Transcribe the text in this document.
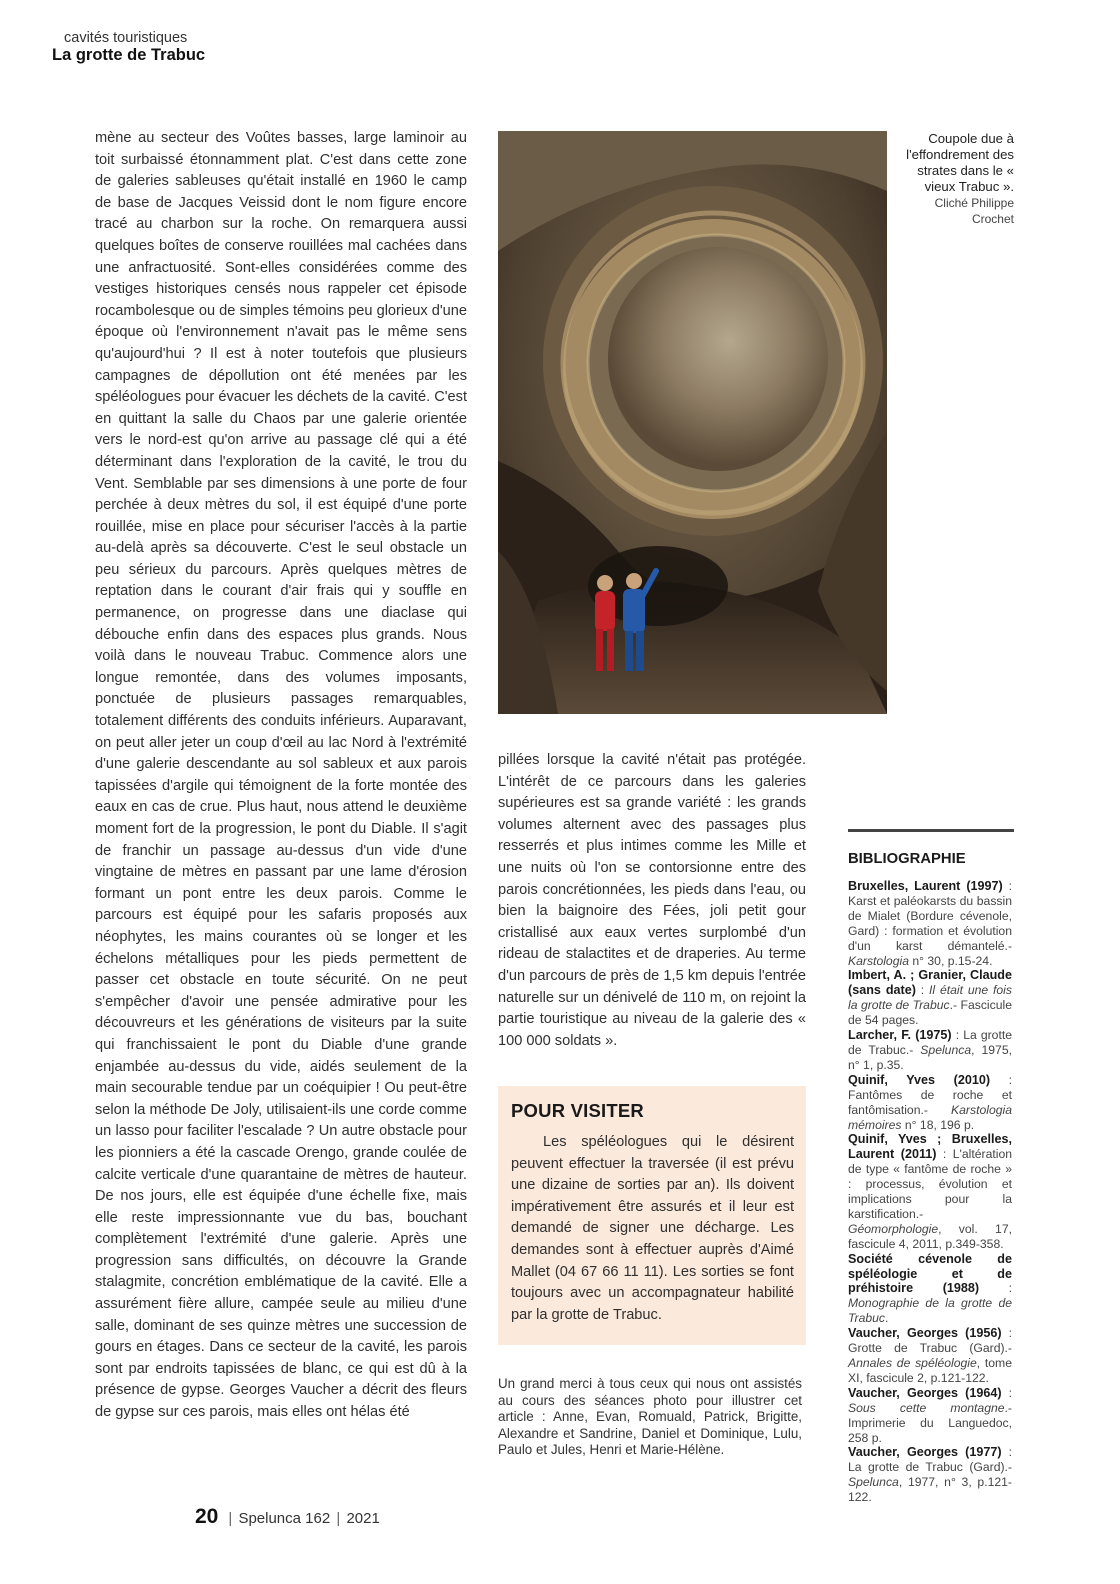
cavités touristiques
La grotte de Trabuc

mène au secteur des Voûtes basses, large laminoir au toit surbaissé étonnamment plat. C'est dans cette zone de galeries sableuses qu'était installé en 1960 le camp de base de Jacques Veissid dont le nom figure encore tracé au charbon sur la roche. On remarquera aussi quelques boîtes de conserve rouillées mal cachées dans une anfractuosité. Sont-elles considérées comme des vestiges historiques censés nous rappeler cet épisode rocambolesque ou de simples témoins peu glorieux d'une époque où l'environnement n'avait pas le même sens qu'aujourd'hui ? Il est à noter toutefois que plusieurs campagnes de dépollution ont été menées par les spéléologues pour évacuer les déchets de la cavité. C'est en quittant la salle du Chaos par une galerie orientée vers le nord-est qu'on arrive au passage clé qui a été déterminant dans l'exploration de la cavité, le trou du Vent. Semblable par ses dimensions à une porte de four perchée à deux mètres du sol, il est équipé d'une porte rouillée, mise en place pour sécuriser l'accès à la partie au-delà après sa découverte. C'est le seul obstacle un peu sérieux du parcours. Après quelques mètres de reptation dans le courant d'air frais qui y souffle en permanence, on progresse dans une diaclase qui débouche enfin dans des espaces plus grands. Nous voilà dans le nouveau Trabuc. Commence alors une longue remontée, dans des volumes imposants, ponctuée de plusieurs passages remarquables, totalement différents des conduits inférieurs. Auparavant, on peut aller jeter un coup d'œil au lac Nord à l'extrémité d'une galerie descendante au sol sableux et aux parois tapissées d'argile qui témoignent de la forte montée des eaux en cas de crue. Plus haut, nous attend le deuxième moment fort de la progression, le pont du Diable. Il s'agit de franchir un passage au-dessus d'un vide d'une vingtaine de mètres en passant par une lame d'érosion formant un pont entre les deux parois. Comme le parcours est équipé pour les safaris proposés aux néophytes, les mains courantes où se longer et les échelons métalliques pour les pieds permettent de passer cet obstacle en toute sécurité. On ne peut s'empêcher d'avoir une pensée admirative pour les découvreurs et les générations de visiteurs par la suite qui franchissaient le pont du Diable d'une grande enjambée au-dessus du vide, aidés seulement de la main secourable tendue par un coéquipier ! Ou peut-être selon la méthode De Joly, utilisaient-ils une corde comme un lasso pour faciliter l'escalade ? Un autre obstacle pour les pionniers a été la cascade Orengo, grande coulée de calcite verticale d'une quarantaine de mètres de hauteur. De nos jours, elle est équipée d'une échelle fixe, mais elle reste impressionnante vue du bas, bouchant complètement l'extrémité d'une galerie. Après une progression sans difficultés, on découvre la Grande stalagmite, concrétion emblématique de la cavité. Elle a assurément fière allure, campée seule au milieu d'une salle, dominant de ses quinze mètres une succession de gours en étages. Dans ce secteur de la cavité, les parois sont par endroits tapissées de blanc, ce qui est dû à la présence de gypse. Georges Vaucher a décrit des fleurs de gypse sur ces parois, mais elles ont hélas été

Coupole due à l'effondrement des strates dans le « vieux Trabuc ».
Cliché Philippe Crochet

pillées lorsque la cavité n'était pas protégée. L'intérêt de ce parcours dans les galeries supérieures est sa grande variété : les grands volumes alternent avec des passages plus resserrés et plus intimes comme les Mille et une nuits où l'on se contorsionne entre des parois concrétionnées, les pieds dans l'eau, ou bien la baignoire des Fées, joli petit gour cristallisé aux eaux vertes surplombé d'un rideau de stalactites et de draperies. Au terme d'un parcours de près de 1,5 km depuis l'entrée naturelle sur un dénivelé de 110 m, on rejoint la partie touristique au niveau de la galerie des « 100 000 soldats ».

POUR VISITER

Les spéléologues qui le désirent peuvent effectuer la traversée (il est prévu une dizaine de sorties par an). Ils doivent impérativement être assurés et il leur est demandé de signer une décharge. Les demandes sont à effectuer auprès d'Aimé Mallet (04 67 66 11 11). Les sorties se font toujours avec un accompagnateur habilité par la grotte de Trabuc.

Un grand merci à tous ceux qui nous ont assistés au cours des séances photo pour illustrer cet article : Anne, Evan, Romuald, Patrick, Brigitte, Alexandre et Sandrine, Daniel et Dominique, Lulu, Paulo et Jules, Henri et Marie-Hélène.
BIBLIOGRAPHIE

Bruxelles, Laurent (1997) : Karst et paléokarsts du bassin de Mialet (Bordure cévenole, Gard) : formation et évolution d'un karst démantelé.- Karstologia n° 30, p.15-24.

Imbert, A. ; Granier, Claude (sans date) : Il était une fois la grotte de Trabuc.- Fascicule de 54 pages.

Larcher, F. (1975) : La grotte de Trabuc.- Spelunca, 1975, n° 1, p.35.

Quinif, Yves (2010) : Fantômes de roche et fantômisation.- Karstologia mémoires n° 18, 196 p.

Quinif, Yves ; Bruxelles, Laurent (2011) : L'altération de type « fantôme de roche » : processus, évolution et implications pour la karstification.- Géomorphologie, vol. 17, fascicule 4, 2011, p.349-358.

Société cévenole de spéléologie et de préhistoire (1988) : Monographie de la grotte de Trabuc.

Vaucher, Georges (1956) : Grotte de Trabuc (Gard).- Annales de spéléologie, tome XI, fascicule 2, p.121-122.

Vaucher, Georges (1964) : Sous cette montagne.- Imprimerie du Languedoc, 258 p.

Vaucher, Georges (1977) : La grotte de Trabuc (Gard).- Spelunca, 1977, n° 3, p.121-122.

20 | Spelunca 162 | 2021
